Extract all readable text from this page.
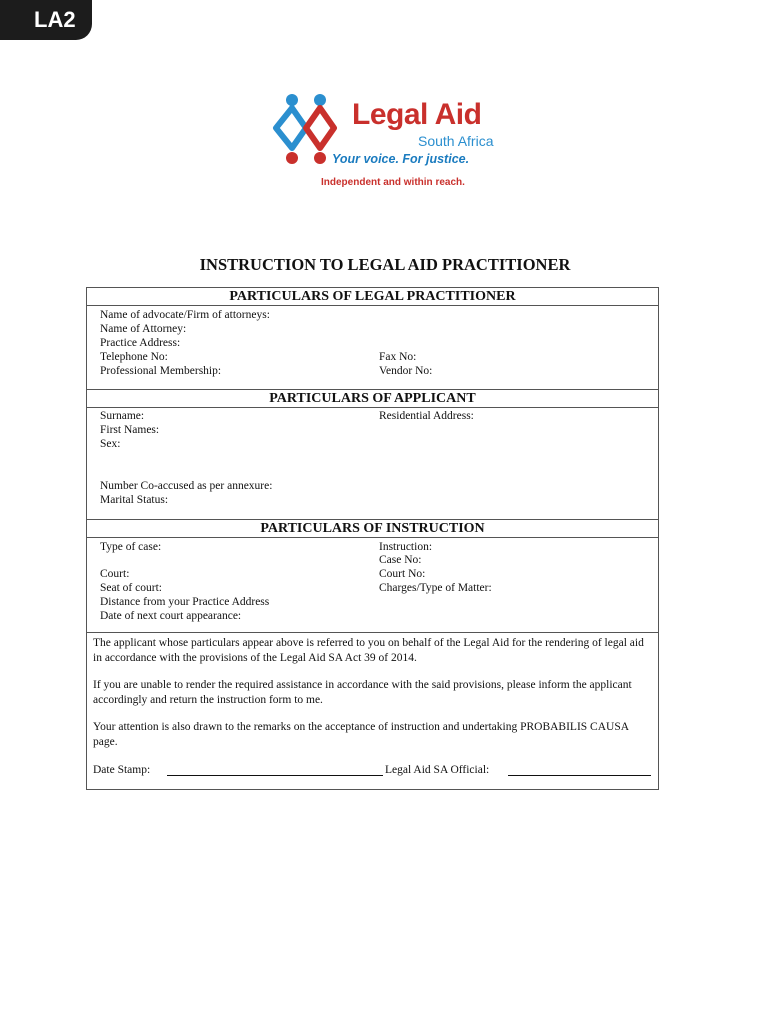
LA2
Legal Aid
South Africa
Your voice. For justice.
Independent and within reach.
INSTRUCTION TO LEGAL AID PRACTITIONER
PARTICULARS OF LEGAL PRACTITIONER
Name of advocate/Firm of attorneys:
Name of Attorney:
Practice Address:
Telephone No:
Professional Membership:
Fax No:
Vendor No:
PARTICULARS OF APPLICANT
Surname:
First Names:
Sex:
Residential Address:
Number Co-accused as per annexure:
Marital Status:
PARTICULARS OF INSTRUCTION
Type of case:
Court:
Seat of court:
Distance from your Practice Address
Date of next court appearance:
Instruction:
Case No:
Court No:
Charges/Type of Matter:
The applicant whose particulars appear above is referred to you on behalf of the Legal Aid for the rendering of legal aid in accordance with the provisions of the Legal Aid SA Act 39 of 2014.
If you are unable to render the required assistance in accordance with the said provisions, please inform the applicant accordingly and return the instruction form to me.
Your attention is also drawn to the remarks on the acceptance of instruction and undertaking PROBABILIS CAUSA page.
Date Stamp:	Legal Aid SA Official:
